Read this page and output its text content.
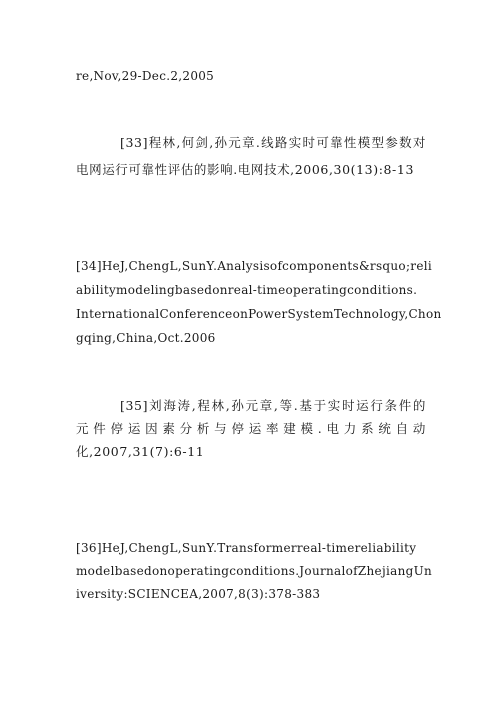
re,Nov,29-Dec.2,2005
[33]程林,何剑,孙元章.线路实时可靠性模型参数对
电网运行可靠性评估的影响.电网技术,2006,30(13):8-13
[34]HeJ,ChengL,SunY.Analysisofcomponents&rsquo;reli
abilitymodelingbasedonreal-timeoperatingconditions.
InternationalConferenceonPowerSystemTechnology,Chon
gqing,China,Oct.2006
[35]刘海涛,程林,孙元章,等.基于实时运行条件的
元件停运因素分析与停运率建模.电力系统自动
化,2007,31(7):6-11
[36]HeJ,ChengL,SunY.Transformerreal-timereliability
modelbasedonoperatingconditions.JournalofZhejiangUn
iversity:SCIENCEA,2007,8(3):378-383
